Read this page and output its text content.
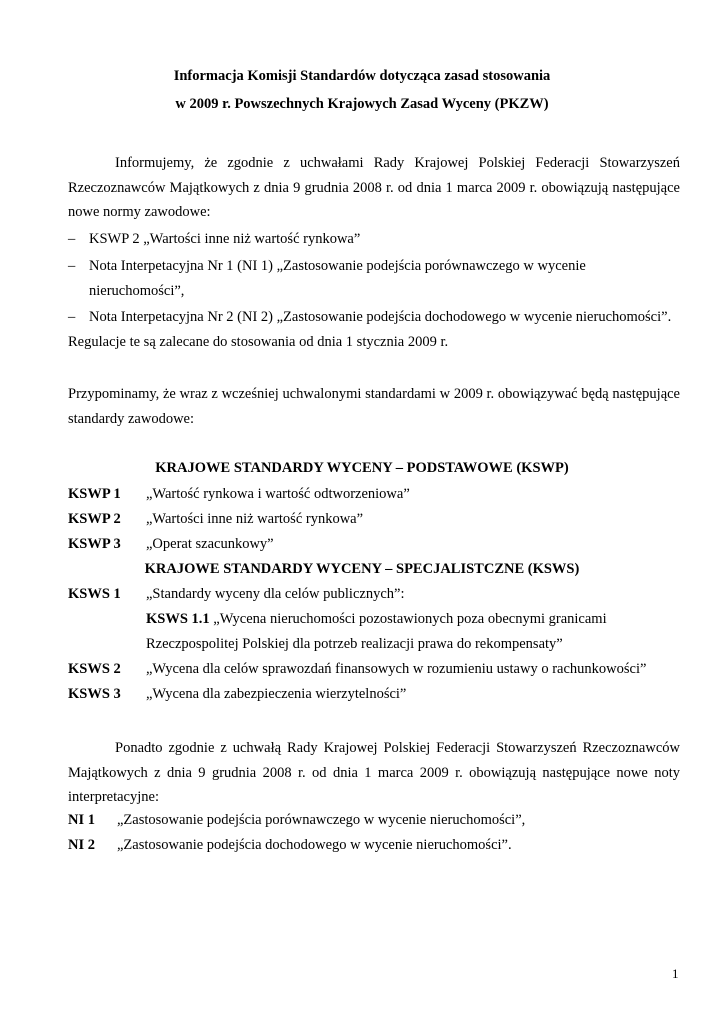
Informacja Komisji Standardów dotycząca zasad stosowania
w 2009 r. Powszechnych Krajowych Zasad Wyceny (PKZW)
Informujemy, że zgodnie z uchwałami Rady Krajowej Polskiej Federacji Stowarzyszeń Rzeczoznawców Majątkowych z dnia 9 grudnia 2008 r. od dnia 1 marca 2009 r. obowiązują następujące nowe normy zawodowe:
– KSWP 2 „Wartości inne niż wartość rynkowa”
– Nota Interpetacyjna Nr 1 (NI 1) „Zastosowanie podejścia porównawczego w wycenie
nieruchomości”,
– Nota Interpetacyjna Nr 2 (NI 2) „Zastosowanie podejścia dochodowego w wycenie nieruchomości”.
Regulacje te są zalecane do stosowania od dnia 1 stycznia 2009 r.
Przypominamy, że wraz z wcześniej uchwalonymi standardami w 2009 r. obowiązywać będą następujące standardy zawodowe:
KRAJOWE STANDARDY WYCENY – PODSTAWOWE (KSWP)
KSWP 1 „Wartość rynkowa i wartość odtworzeniowa”
KSWP 2 „Wartości inne niż wartość rynkowa”
KSWP 3 „Operat szacunkowy”
KRAJOWE STANDARDY WYCENY – SPECJALISTCZNE (KSWS)
KSWS 1 „Standardy wyceny dla celów publicznych”:
KSWS 1.1 „Wycena nieruchomości pozostawionych poza obecnymi granicami
Rzeczpospolitej Polskiej dla potrzeb realizacji prawa do rekompensaty”
KSWS 2 „Wycena dla celów sprawozdań finansowych w rozumieniu ustawy o rachunkowości”
KSWS 3 „Wycena dla zabezpieczenia wierzytelności”
Ponadto zgodnie z uchwałą Rady Krajowej Polskiej Federacji Stowarzyszeń Rzeczoznawców Majątkowych z dnia 9 grudnia 2008 r. od dnia 1 marca 2009 r. obowiązują następujące nowe noty interpretacyjne:
NI 1 „Zastosowanie podejścia porównawczego w wycenie nieruchomości”,
NI 2 „Zastosowanie podejścia dochodowego w wycenie nieruchomości”.
1
